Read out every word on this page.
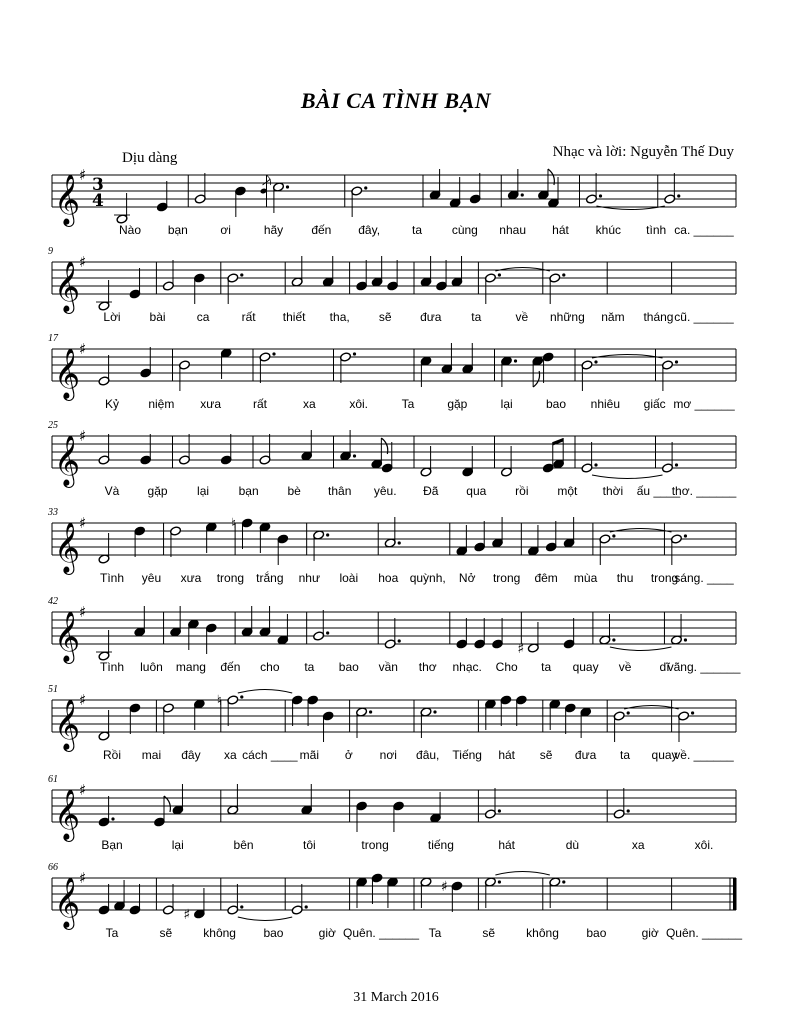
BÀI CA TÌNH BẠN
Dịu dàng	Nhạc và lời: Nguyễn Thế Duy
𝄞
♯ 3
4
Nào bạn	ơi	hãy đến đây,	ta cùng nhau hát khúc tình ca. ______
9
𝄞
♯
Lời bài	ca	rất thiết tha, sẽ đưa ta	về những năm tháng cũ. ______
17
𝄞
♯
Kỷ niệm xưa	rất	xa	xôi.	Ta	gặp	lại	bao nhiêu giấc mơ ______
25
𝄞
♯
Và gặp lại bạn bè thân yêu. Đã qua rồi một thời ấu ____
thơ. ______
33
𝄞
♯	♮
Tình yêu xưa trong trắng như loài hoa quỳnh, Nở trong đêm mùa thu trong
sáng. ____
42
𝄞
♯
♯
Tình luôn mang đến cho ta bao vần thơ nhạc. Cho ta quay về dĩ
vãng. ______
51
𝄞
♯	♮
Rồi mai đây xa cách ____ mãi ở nơi đâu, Tiếng hát sẽ đưa ta quay
về. ______
61
𝄞
♯
Bạn	lại	bên	tôi	trong	tiếng	hát	dù	xa	xôi.
66
𝄞
♯
♯
♯
Ta	sẽ	không bao	giờ Quên. ______ Ta	sẽ	không bao	giờ Quên. ______
31 March 2016
